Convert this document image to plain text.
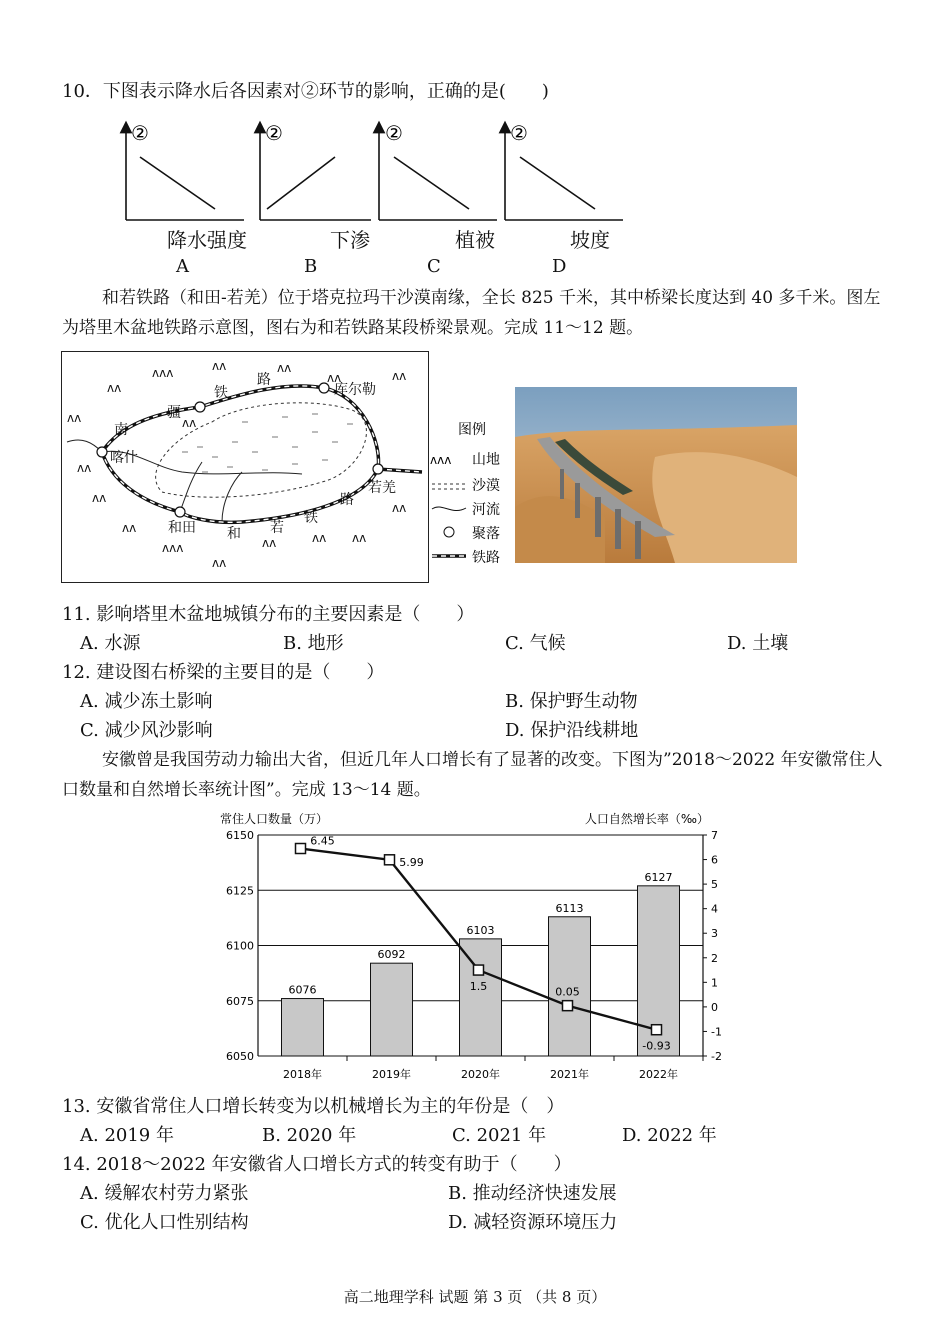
10．下图表示降水后各因素对②环节的影响，正确的是(　　)
②	②	②	②
降水强度	下渗	植被	坡度
A	B	C	D
和若铁路（和田-若羌）位于塔克拉玛干沙漠南缘，全长 825 千米，其中桥梁长度达到 40 多千米。图左为塔里木盆地铁路示意图，图右为和若铁路某段桥梁景观。完成 11～12 题。
ᴧᴧ
ᴧᴧᴧ	ᴧᴧ	ᴧᴧ
ᴧᴧ	ᴧᴧ
ᴧᴧ
ᴧᴧ
ᴧᴧ
ᴧᴧᴧ
ᴧᴧ
ᴧᴧ	ᴧᴧ ᴧᴧ
ᴧᴧ
ᴧᴧ	ᴧᴧ
喀什
和田
库尔勒
若羌
南
疆
铁
路
和 若
铁
路
图例
ᴧᴧᴧ 山地
沙漠
河流
聚落
铁路
11. 影响塔里木盆地城镇分布的主要因素是（　　）
A. 水源	B. 地形	C. 气候	D. 土壤
12. 建设图右桥梁的主要目的是（　　）
A. 减少冻土影响	B. 保护野生动物
C. 减少风沙影响	D. 保护沿线耕地
安徽曾是我国劳动力输出大省，但近几年人口增长有了显著的改变。下图为”2018～2022 年安徽常住人口数量和自然增长率统计图”。完成 13～14 题。
常住人口数量（万）	人口自然增长率（‰）
6050
6075
6100
6125
6150
-2
-1
0
1
2
3
4
5
6
7
2018年	2019年	2020年	2021年	2022年
6076
6092
6103
6113
6127
6.45
5.99
1.5	0.05
-0.93
13. 安徽省常住人口增长转变为以机械增长为主的年份是（　）
A. 2019 年	B. 2020 年	C. 2021 年	D. 2022 年
14. 2018～2022 年安徽省人口增长方式的转变有助于（　　）
A. 缓解农村劳力紧张	B. 推动经济快速发展
C. 优化人口性别结构	D. 减轻资源环境压力
高二地理学科 试题 第 3 页 （共 8 页）
